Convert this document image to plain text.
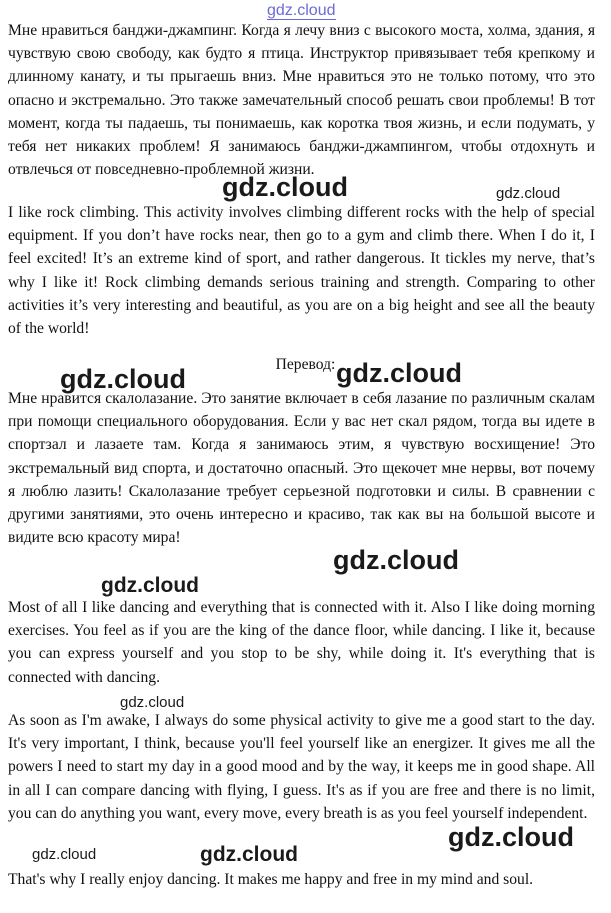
Мне нравиться банджи-джампинг. Когда я лечу вниз с высокого моста, холма, здания, я чувствую свою свободу, как будто я птица. Инструктор привязывает тебя крепкому и длинному канату, и ты прыгаешь вниз. Мне нравиться это не только потому, что это опасно и экстремально. Это также замечательный способ решать свои проблемы! В тот момент, когда ты падаешь, ты понимаешь, как коротка твоя жизнь, и если подумать, у тебя нет никаких проблем! Я занимаюсь банджи-джампингом, чтобы отдохнуть и отвлечься от повседневно-проблемной жизни.

I like rock climbing. This activity involves climbing different rocks with the help of special equipment. If you don’t have rocks near, then go to a gym and climb there. When I do it, I feel excited! It’s an extreme kind of sport, and rather dangerous. It tickles my nerve, that’s why I like it! Rock climbing demands serious training and strength. Comparing to other activities it’s very interesting and beautiful, as you are on a big height and see all the beauty of the world!

Перевод:

Мне нравится скалолазание. Это занятие включает в себя лазание по различным скалам при помощи специального оборудования. Если у вас нет скал рядом, тогда вы идете в спортзал и лазаете там. Когда я занимаюсь этим, я чувствую восхищение! Это экстремальный вид спорта, и достаточно опасный. Это щекочет мне нервы, вот почему я люблю лазить! Скалолазание требует серьезной подготовки и силы. В сравнении с другими занятиями, это очень интересно и красиво, так как вы на большой высоте и видите всю красоту мира!

Most of all I like dancing and everything that is connected with it. Also I like doing morning exercises. You feel as if you are the king of the dance floor, while dancing. I like it, because you can express yourself and you stop to be shy, while doing it. It's everything that is connected with dancing.

As soon as I'm awake, I always do some physical activity to give me a good start to the day. It's very important, I think, because you'll feel yourself like an energizer. It gives me all the powers I need to start my day in a good mood and by the way, it keeps me in good shape. All in all I can compare dancing with flying, I guess. It's as if you are free and there is no limit, you can do anything you want, every move, every breath is as you feel yourself independent.

That's why I really enjoy dancing. It makes me happy and free in my mind and soul.

gdz.cloud
gdz.cloud	gdz.cloud
gdz.cloud	gdz.cloud
gdz.cloud
gdz.cloud
gdz.cloud
gdz.cloud
gdz.cloud	gdz.cloud
